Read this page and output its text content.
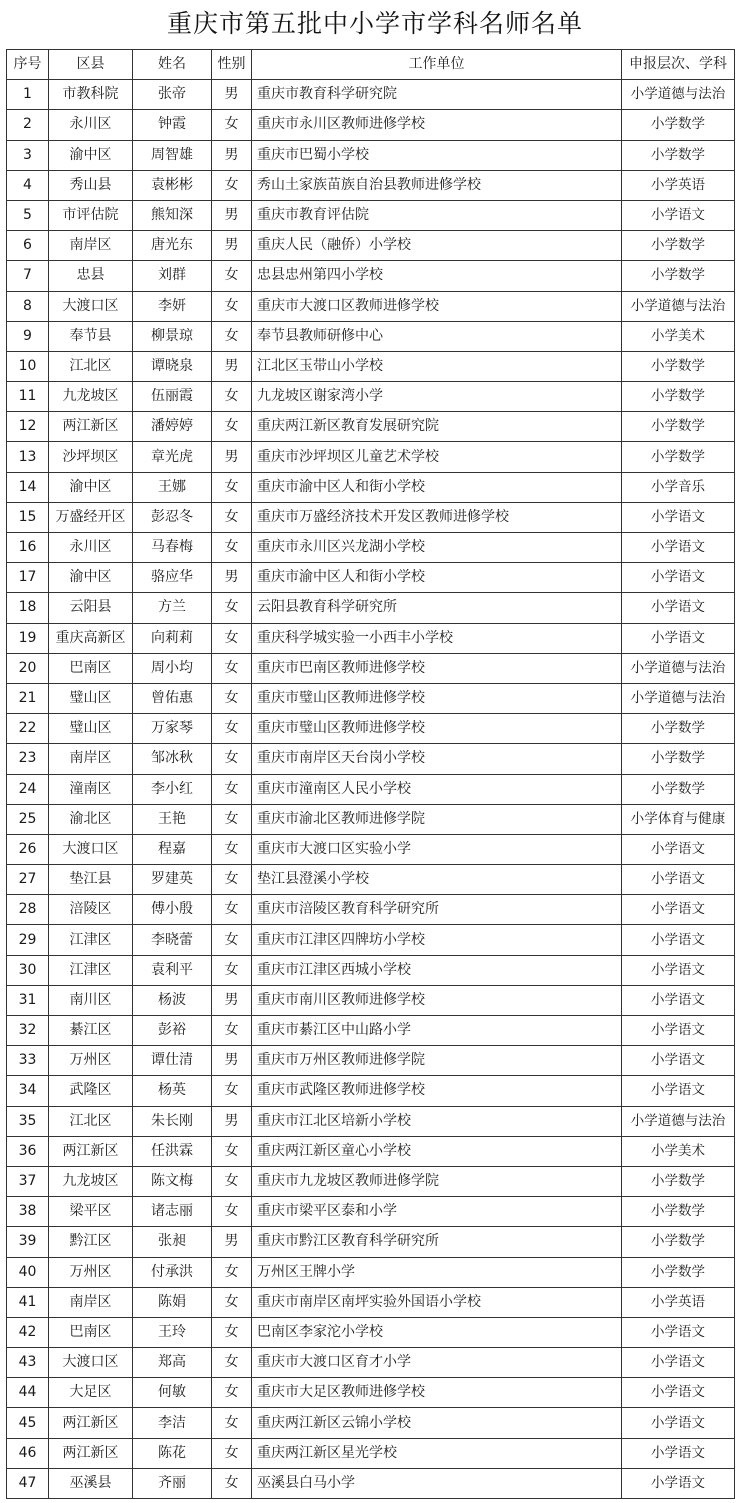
重庆市第五批中小学市学科名师名单
序号	区县	姓名	性别	工作单位	申报层次、学科
1	市教科院	张帝	男	重庆市教育科学研究院	小学道德与法治
2	永川区	钟霞	女	重庆市永川区教师进修学校	小学数学
3	渝中区	周智雄	男	重庆市巴蜀小学校	小学数学
4	秀山县	袁彬彬	女	秀山土家族苗族自治县教师进修学校	小学英语
5	市评估院	熊知深	男	重庆市教育评估院	小学语文
6	南岸区	唐光东	男	重庆人民（融侨）小学校	小学数学
7	忠县	刘群	女	忠县忠州第四小学校	小学数学
8	大渡口区	李妍	女	重庆市大渡口区教师进修学校	小学道德与法治
9	奉节县	柳景琼	女	奉节县教师研修中心	小学美术
10	江北区	谭晓泉	男	江北区玉带山小学校	小学数学
11	九龙坡区	伍丽霞	女	九龙坡区谢家湾小学	小学数学
12	两江新区	潘婷婷	女	重庆两江新区教育发展研究院	小学数学
13	沙坪坝区	章光虎	男	重庆市沙坪坝区儿童艺术学校	小学数学
14	渝中区	王娜	女	重庆市渝中区人和街小学校	小学音乐
15	万盛经开区	彭忍冬	女	重庆市万盛经济技术开发区教师进修学校	小学语文
16	永川区	马春梅	女	重庆市永川区兴龙湖小学校	小学语文
17	渝中区	骆应华	男	重庆市渝中区人和街小学校	小学语文
18	云阳县	方兰	女	云阳县教育科学研究所	小学语文
19	重庆高新区	向莉莉	女	重庆科学城实验一小西丰小学校	小学语文
20	巴南区	周小均	女	重庆市巴南区教师进修学校	小学道德与法治
21	璧山区	曾佑惠	女	重庆市璧山区教师进修学校	小学道德与法治
22	璧山区	万家琴	女	重庆市璧山区教师进修学校	小学数学
23	南岸区	邹冰秋	女	重庆市南岸区天台岗小学校	小学数学
24	潼南区	李小红	女	重庆市潼南区人民小学校	小学数学
25	渝北区	王艳	女	重庆市渝北区教师进修学院	小学体育与健康
26	大渡口区	程嘉	女	重庆市大渡口区实验小学	小学语文
27	垫江县	罗建英	女	垫江县澄溪小学校	小学语文
28	涪陵区	傅小殷	女	重庆市涪陵区教育科学研究所	小学语文
29	江津区	李晓蕾	女	重庆市江津区四牌坊小学校	小学语文
30	江津区	袁利平	女	重庆市江津区西城小学校	小学语文
31	南川区	杨波	男	重庆市南川区教师进修学校	小学语文
32	綦江区	彭裕	女	重庆市綦江区中山路小学	小学语文
33	万州区	谭仕清	男	重庆市万州区教师进修学院	小学语文
34	武隆区	杨英	女	重庆市武隆区教师进修学校	小学语文
35	江北区	朱长刚	男	重庆市江北区培新小学校	小学道德与法治
36	两江新区	任洪霖	女	重庆两江新区童心小学校	小学美术
37	九龙坡区	陈文梅	女	重庆市九龙坡区教师进修学院	小学数学
38	梁平区	诸志丽	女	重庆市梁平区泰和小学	小学数学
39	黔江区	张昶	男	重庆市黔江区教育科学研究所	小学数学
40	万州区	付承洪	女	万州区王牌小学	小学数学
41	南岸区	陈娟	女	重庆市南岸区南坪实验外国语小学校	小学英语
42	巴南区	王玲	女	巴南区李家沱小学校	小学语文
43	大渡口区	郑高	女	重庆市大渡口区育才小学	小学语文
44	大足区	何敏	女	重庆市大足区教师进修学校	小学语文
45	两江新区	李洁	女	重庆两江新区云锦小学校	小学语文
46	两江新区	陈花	女	重庆两江新区星光学校	小学语文
47	巫溪县	齐丽	女	巫溪县白马小学	小学语文
